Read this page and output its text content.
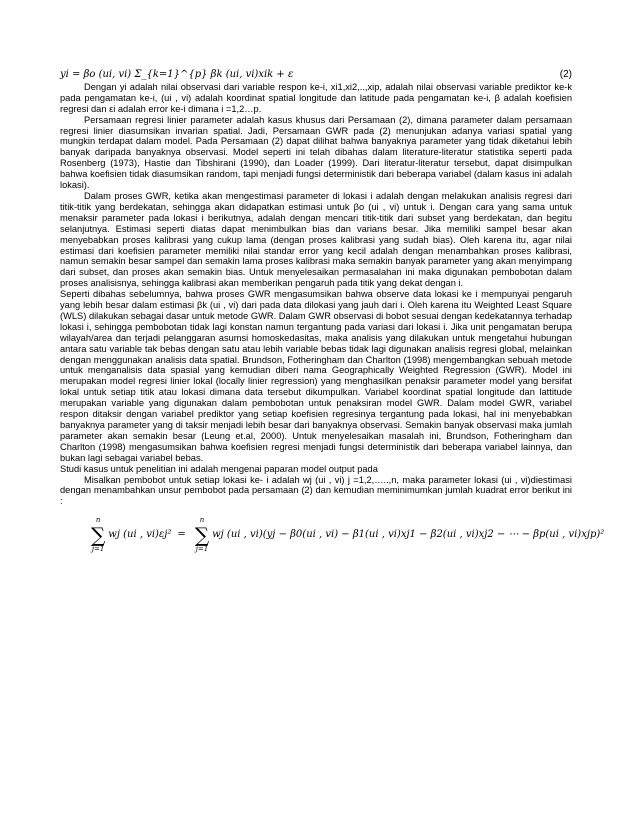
yi = βo (ui, vi) Σ_{k=1}^{p} βk (ui, vi)xik + ε	(2)

Dengan yi adalah nilai observasi dari variable respon ke-i, xi1,xi2,..,xip, adalah nilai observasi variable prediktor ke-k pada pengamatan ke-i, (ui , vi) adalah koordinat spatial longitude dan latitude pada pengamatan ke-i, β adalah koefisien regresi dan εi adalah error ke-i dimana i =1,2…p.

Persamaan regresi linier parameter adalah kasus khusus dari Persamaan (2), dimana parameter dalam persamaan regresi linier diasumsikan invarian spatial. Jadi, Persamaan GWR pada (2) menunjukan adanya variasi spatial yang mungkin terdapat dalam model. Pada Persamaan (2) dapat dilihat bahwa banyaknya parameter yang tidak diketahui lebih banyak daripada banyaknya observasi. Model seperti ini telah dibahas dalam literature-literatur statistika seperti pada Rosenberg (1973), Hastie dan Tibshirani (1990), dan Loader (1999). Dari literatur-literatur tersebut, dapat disimpulkan bahwa koefisien tidak diasumsikan random, tapi menjadi fungsi deterministik dari beberapa variabel (dalam kasus ini adalah lokasi).

Dalam proses GWR, ketika akan mengestimasi parameter di lokasi i adalah dengan melakukan analisis regresi dari titik-titik yang berdekatan, sehingga akan didapatkan estimasi untuk βo (ui , vi) untuk i. Dengan cara yang sama untuk menaksir parameter pada lokasi i berikutnya, adalah dengan mencari titik-titik dari subset yang berdekatan, dan begitu selanjutnya. Estimasi seperti diatas dapat menimbulkan bias dan varians besar. Jika memiliki sampel besar akan menyebabkan proses kalibrasi yang cukup lama (dengan proses kalibrasi yang sudah bias). Oleh karena itu, agar nilai estimasi dari koefisien parameter memiliki nilai standar error yang kecil adalah dengan menambahkan proses kalibrasi, namun semakin besar sampel dan semakin lama proses kalibrasi maka semakin banyak parameter yang akan menyimpang dari subset, dan proses akan semakin bias. Untuk menyelesaikan permasalahan ini maka digunakan pembobotan dalam proses analisisnya, sehingga kalibrasi akan memberikan pengaruh pada titik yang dekat dengan i.

Seperti dibahas sebelumnya, bahwa proses GWR mengasumsikan bahwa observe data lokasi ke i mempunyai pengaruh yang lebih besar dalam estimasi βk (ui , vi) dari pada data dilokasi yang jauh dari i. Oleh karena itu Weighted Least Square (WLS) dilakukan sebagai dasar untuk metode GWR. Dalam GWR observasi di bobot sesuai dengan kedekatannya terhadap lokasi i, sehingga pembobotan tidak lagi konstan namun tergantung pada variasi dari lokasi i. Jika unit pengamatan berupa wilayah/area dan terjadi pelanggaran asumsi homoskedasitas, maka analisis yang dilakukan untuk mengetahui hubungan antara satu variable tak bebas dengan satu atau lebih variable bebas tidak lagi digunakan analisis regresi global, melainkan dengan menggunakan analisis data spatial. Brundson, Fotheringham dan Charlton (1998) mengembangkan sebuah metode untuk menganalisis data spasial yang kemudian diberi nama Geographically Weighted Regression (GWR). Model ini merupakan model regresi linier lokal (locally linier regression) yang menghasilkan penaksir parameter model yang bersifat lokal untuk setiap titik atau lokasi dimana data tersebut dikumpulkan. Variabel koordinat spatial longitude dan lattitude merupakan variable yang digunakan dalam pembobotan untuk penaksiran model GWR. Dalam model GWR, variabel respon ditaksir dengan variabel prediktor yang setiap koefisien regresinya tergantung pada lokasi, hal ini menyebabkan banyaknya parameter yang di taksir menjadi lebih besar dari banyaknya observasi. Semakin banyak observasi maka jumlah parameter akan semakin besar (Leung et.al, 2000). Untuk menyelesaikan masalah ini, Brundson, Fotheringham dan Charlton (1998) mengasumsikan bahwa koefisien regresi menjadi fungsi deterministik dari beberapa variabel lainnya, dan bukan lagi sebagai variabel bebas.

Studi kasus untuk penelitian ini adalah mengenai paparan model output pada

Misalkan pembobot untuk setiap lokasi ke- i adalah wj (ui , vi) j =1,2,…..,n, maka parameter lokasi (ui , vi)diestimasi dengan menambahkan unsur pembobot pada persamaan (2) dan kemudian meminimumkan jumlah kuadrat error berikut ini :

n
∑
j=1
wj (ui , vi)εj² =
n
∑
j=1
wj (ui , vi)(yj − β0(ui , vi) − β1(ui , vi)xj1 − β2(ui , vi)xj2 − ⋯ − βp(ui , vi)xjp)²
